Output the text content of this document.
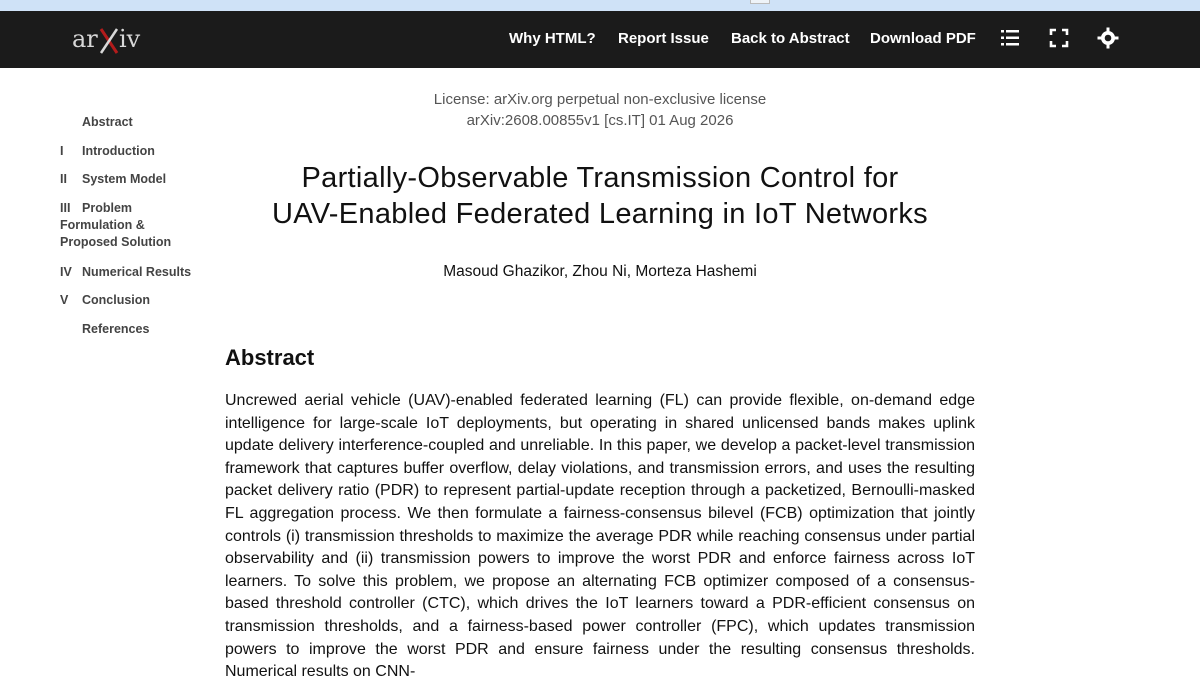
ar iv	Why HTML? Report Issue Back to Abstract Download PDF
Abstract
I	Introduction
II	System Model
III Problem Formulation & Proposed Solution
IV Numerical Results
V	Conclusion
References
License: arXiv.org perpetual non-exclusive license
arXiv:2608.00855v1 [cs.IT] 01 Aug 2026
Partially-Observable Transmission Control for
UAV-Enabled Federated Learning in IoT Networks
Masoud Ghazikor, Zhou Ni, Morteza Hashemi
Abstract
Uncrewed aerial vehicle (UAV)-enabled federated learning (FL) can provide flexible, on-demand edge intelligence for large-scale IoT deployments, but operating in shared unlicensed bands makes uplink update delivery interference-coupled and unreliable. In this paper, we develop a packet-level transmission framework that captures buffer overflow, delay violations, and transmission errors, and uses the resulting packet delivery ratio (PDR) to represent partial-update reception through a packetized, Bernoulli-masked FL aggregation process. We then formulate a fairness-consensus bilevel (FCB) optimization that jointly controls (i) transmission thresholds to maximize the average PDR while reaching consensus under partial observability and (ii) transmission powers to improve the worst PDR and enforce fairness across IoT learners. To solve this problem, we propose an alternating FCB optimizer composed of a consensus-based threshold controller (CTC), which drives the IoT learners toward a PDR-efficient consensus on transmission thresholds, and a fairness-based power controller (FPC), which updates transmission powers to improve the worst PDR and ensure fairness under the resulting consensus thresholds. Numerical results on CNN-
